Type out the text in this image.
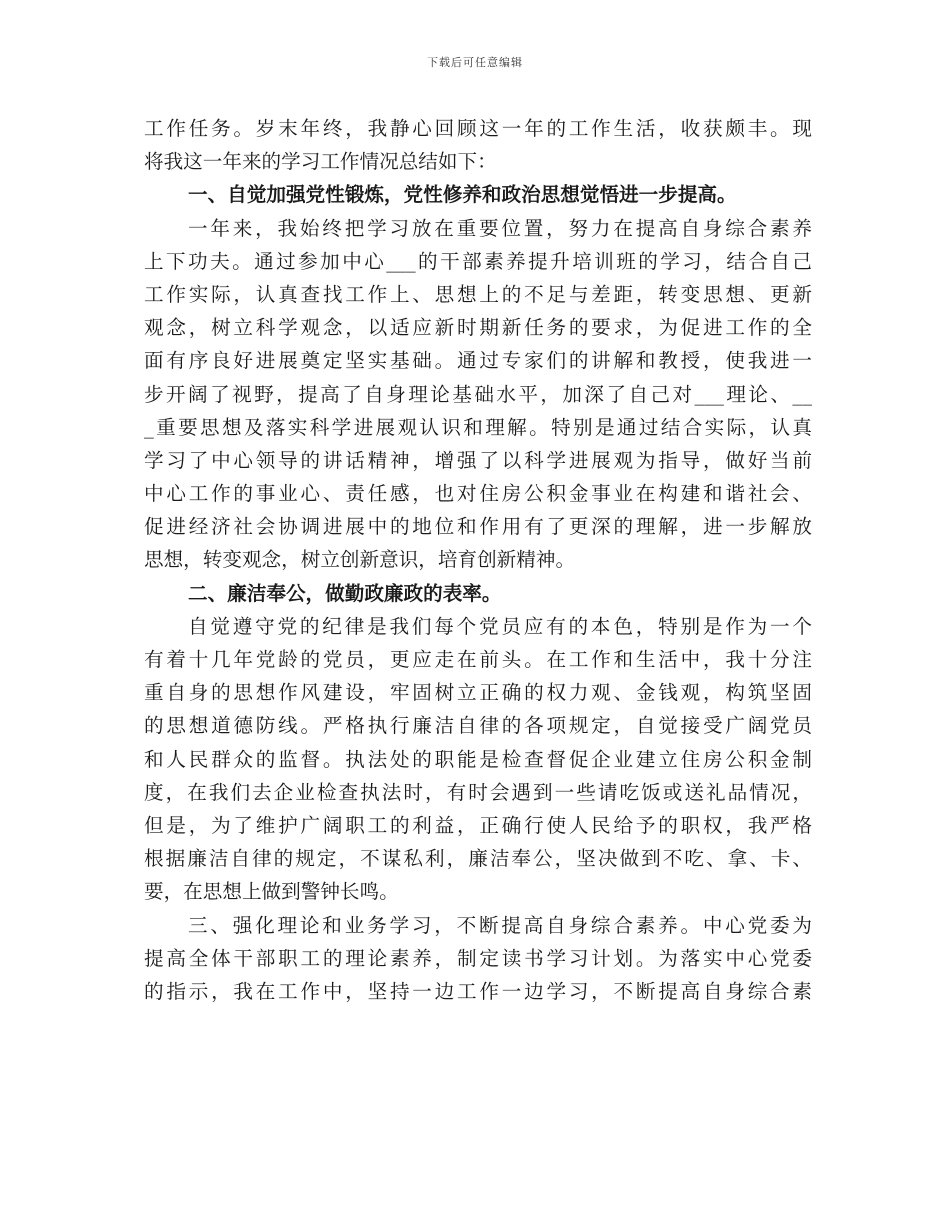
下载后可任意编辑
工作任务。岁末年终，我静心回顾这一年的工作生活，收获颇丰。现
将我这一年来的学习工作情况总结如下：
一、自觉加强党性锻炼，党性修养和政治思想觉悟进一步提高。
一年来，我始终把学习放在重要位置，努力在提高自身综合素养
上下功夫。通过参加中心___的干部素养提升培训班的学习，结合自己
工作实际，认真查找工作上、思想上的不足与差距，转变思想、更新
观念，树立科学观念，以适应新时期新任务的要求，为促进工作的全
面有序良好进展奠定坚实基础。通过专家们的讲解和教授，使我进一
步开阔了视野，提高了自身理论基础水平，加深了自己对___理论、__
_重要思想及落实科学进展观认识和理解。特别是通过结合实际，认真
学习了中心领导的讲话精神，增强了以科学进展观为指导，做好当前
中心工作的事业心、责任感，也对住房公积金事业在构建和谐社会、
促进经济社会协调进展中的地位和作用有了更深的理解，进一步解放
思想，转变观念，树立创新意识，培育创新精神。
二、廉洁奉公，做勤政廉政的表率。
自觉遵守党的纪律是我们每个党员应有的本色，特别是作为一个
有着十几年党龄的党员，更应走在前头。在工作和生活中，我十分注
重自身的思想作风建设，牢固树立正确的权力观、金钱观，构筑坚固
的思想道德防线。严格执行廉洁自律的各项规定，自觉接受广阔党员
和人民群众的监督。执法处的职能是检查督促企业建立住房公积金制
度，在我们去企业检查执法时，有时会遇到一些请吃饭或送礼品情况，
但是，为了维护广阔职工的利益，正确行使人民给予的职权，我严格
根据廉洁自律的规定，不谋私利，廉洁奉公，坚决做到不吃、拿、卡、
要，在思想上做到警钟长鸣。
三、强化理论和业务学习，不断提高自身综合素养。中心党委为
提高全体干部职工的理论素养，制定读书学习计划。为落实中心党委
的指示，我在工作中，坚持一边工作一边学习，不断提高自身综合素
